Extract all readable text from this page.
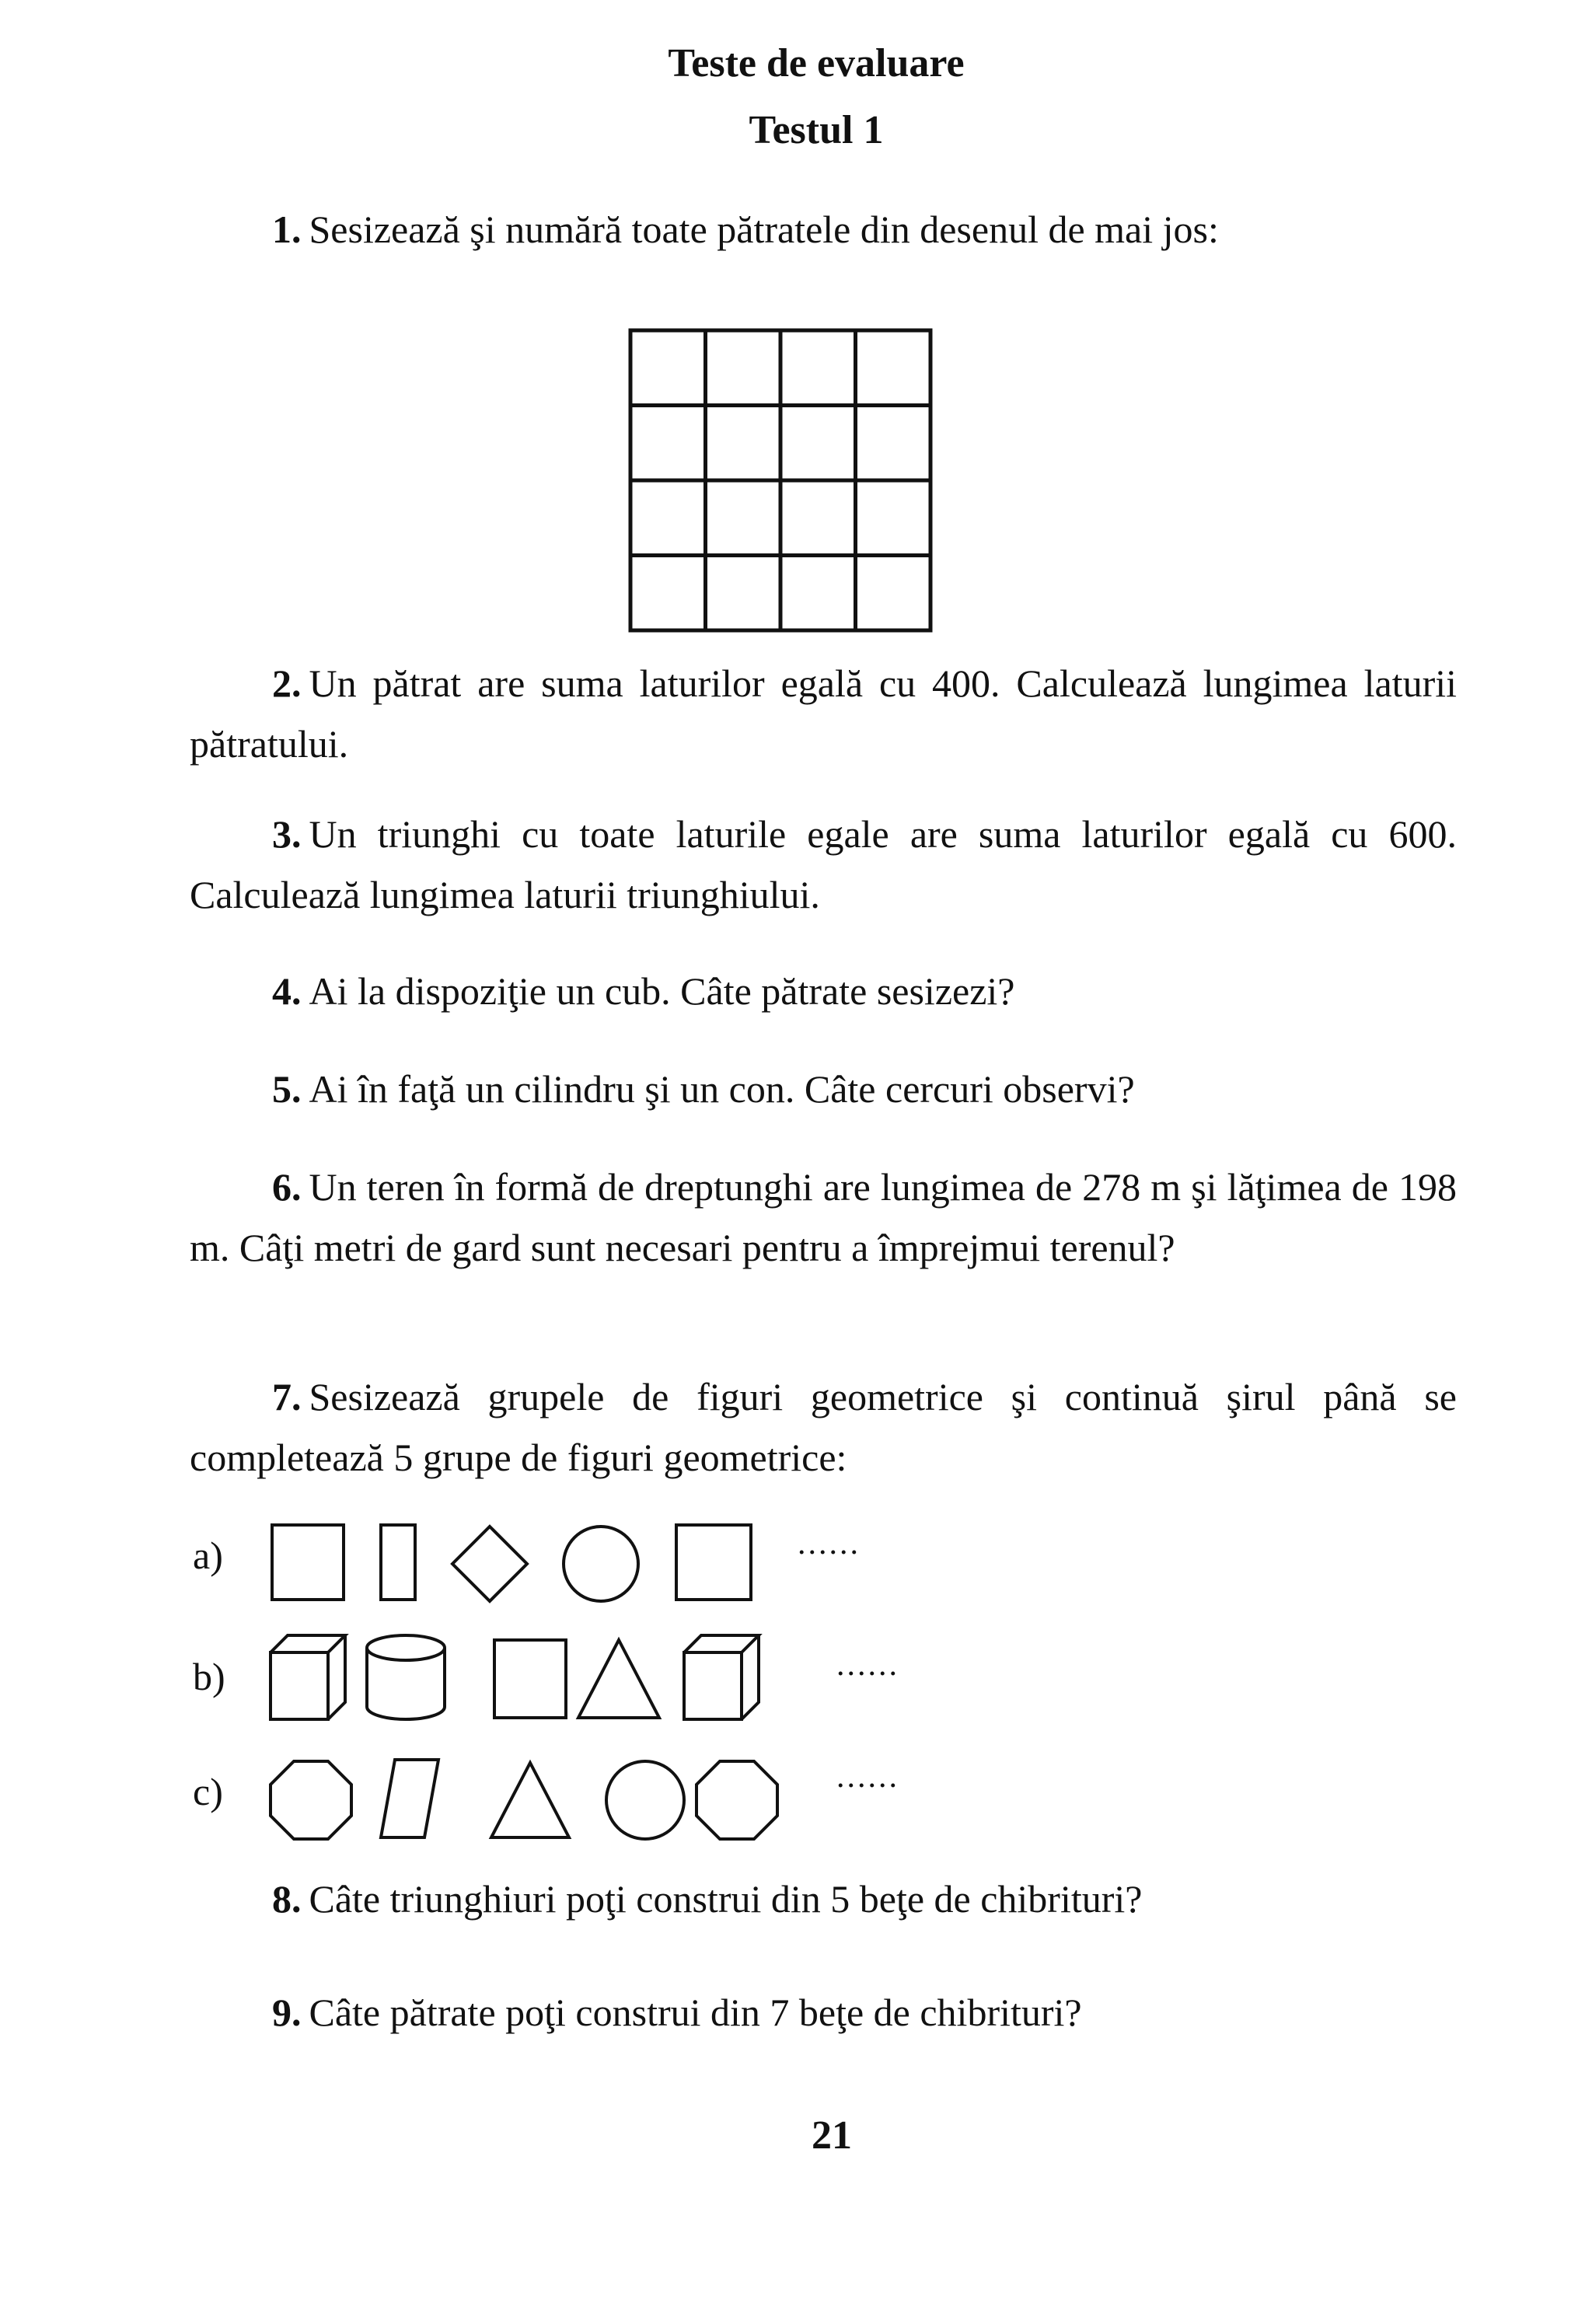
Teste de evaluare
Testul 1

1. Sesizează şi numără toate pătratele din desenul de mai jos:

2. Un pătrat are suma laturilor egală cu 400. Calculează lungimea laturii pătratului.

3. Un triunghi cu toate laturile egale are suma laturilor egală cu 600. Calculează lungimea laturii triunghiului.

4. Ai la dispoziţie un cub. Câte pătrate sesizezi?

5. Ai în faţă un cilindru şi un con. Câte cercuri observi?

6. Un teren în formă de dreptunghi are lungimea de 278 m şi lăţimea de 198 m. Câţi metri de gard sunt necesari pentru a împrejmui terenul?

7. Sesizează grupele de figuri geometrice şi continuă şirul până se completează 5 grupe de figuri geometrice:

a)	......

b)	......

c)	......

8. Câte triunghiuri poţi construi din 5 beţe de chibrituri?

9. Câte pătrate poţi construi din 7 beţe de chibrituri?

21
